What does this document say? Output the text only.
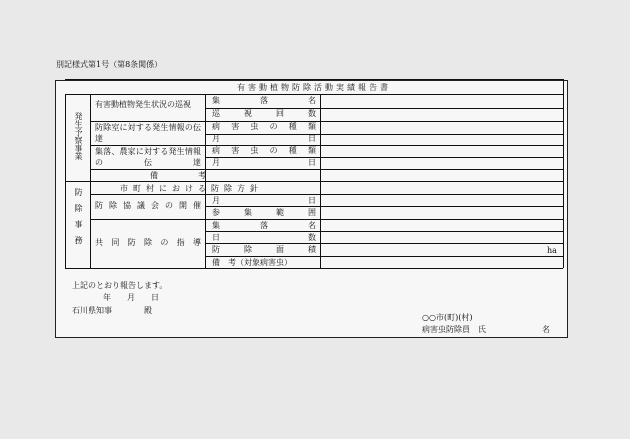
別記様式第1号（第8条関係）
有害動植物防除活動実績報告書
発生予察事業
防除事務
有害動植物発生状況の巡視	集　　落　　名
巡　　視　　回　　数
防除室に対する発生情報の伝達
病　害　虫　の　種　類
月　　　　　日
集落、農家に対する発生情報の伝達
病　害　虫　の　種　類
月　　　　　日
備　　　　　考
市町村における防除方針
防除協議会の開催
月　　　　　日
参　集　範　囲
共同防除の指導
集　　落　　名
日　　　　　数
防　除　面　積
備　考（対象病害虫）
ha
上記のとおり報告します。
年　　月　　日
石川県知事　　　　殿
○○市(町)(村)
病害虫防除員　氏　　　　　　　名
